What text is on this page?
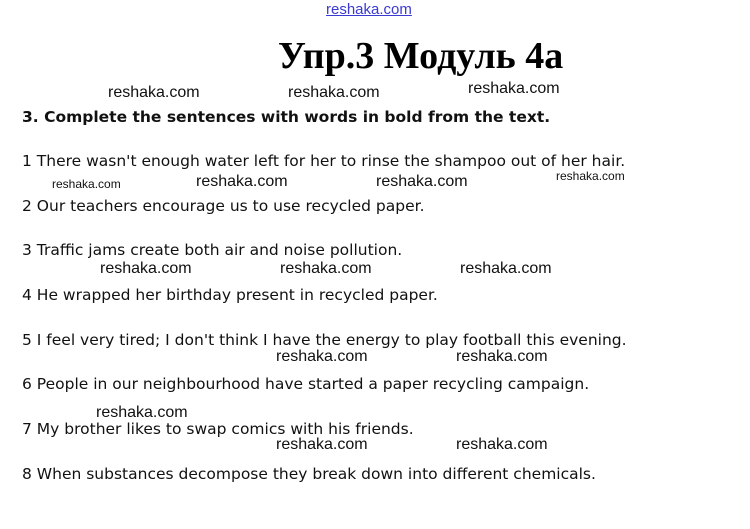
reshaka.com
Упр.3 Модуль 4а
3. Complete the sentences with words in bold from the text.
1 There wasn't enough water left for her to rinse the shampoo out of her hair.
2 Our teachers encourage us to use recycled paper.
3 Traffic jams create both air and noise pollution.
4 He wrapped her birthday present in recycled paper.
5 I feel very tired; I don't think I have the energy to play football this evening.
6 People in our neighbourhood have started a paper recycling campaign.
7 My brother likes to swap comics with his friends.
8 When substances decompose they break down into different chemicals.
reshaka.com	reshaka.com	reshaka.com
reshaka.com	reshaka.com	reshaka.com	reshaka.com
reshaka.com	reshaka.com	reshaka.com
reshaka.com	reshaka.com
reshaka.com
reshaka.com	reshaka.com
